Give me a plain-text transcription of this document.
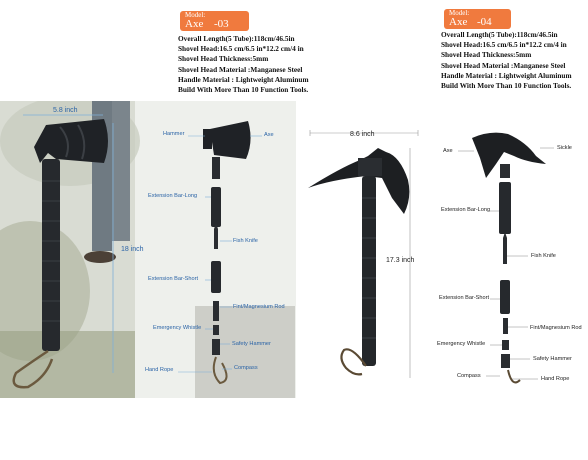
Model:
Axe -03
Overall Length(5 Tube):118cm/46.5in
Shovel Head:16.5 cm/6.5 in*12.2 cm/4 in
Shovel Head Thickness:5mm
Shovel Head Material :Manganese Steel
Handle Material : Lightweight Aluminum
Build With More Than 10 Function Tools.
Model:
Axe -04
Overall Length(5 Tube):118cm/46.5in
Shovel Head:16.5 cm/6.5 in*12.2 cm/4 in
Shovel Head Thickness:5mm
Shovel Head Material :Manganese Steel
Handle Material : Lightweight Aluminum
Build With More Than 10 Function Tools.
5.8 inch
18 inch
Hammer	Axe
Extension Bar-Long
Fish Knife
Extension Bar-Short
Fint/Magnesium Rod
Emergency Whistle
Safety Hammer
Hand Rope	Compass
8.6 inch
17.3 inch
Axe	Sickle
Extension Bar-Long
Fish Knife
Extension Bar-Short
Fint/Magnesium Rod
Emergency Whistle
Safety Hammer
Compass	Hand Rope
